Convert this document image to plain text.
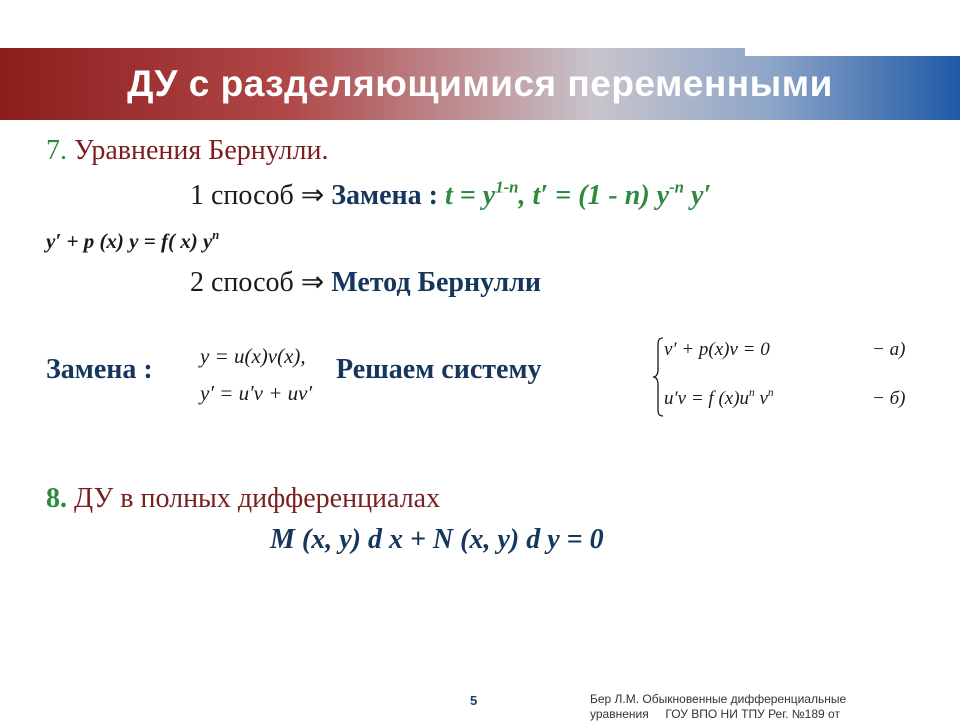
ДУ с разделяющимися переменными
7. Уравнения Бернулли.
1 способ ⇒ Замена : $t = y^{1-n}$, t′ = (1 - n) $y^{-n}$ y′
y′ + p (x) y = f( x) $y^n$
2 способ ⇒ Метод Бернулли
Замена : y = u(x)v(x),
y′ = u′v + uv′
Решаем систему
v′ + p(x)v = 0	− а)
u′v = f $(x)u^n$ $v^n$	− б)
8. ДУ в полных дифференциалах
M (x, y) d x + N (x, y) d y = 0
5	Бер Л.М. Обыкновенные дифференциальные
уравнения     ГОУ ВПО НИ ТПУ Рег. №189 от
